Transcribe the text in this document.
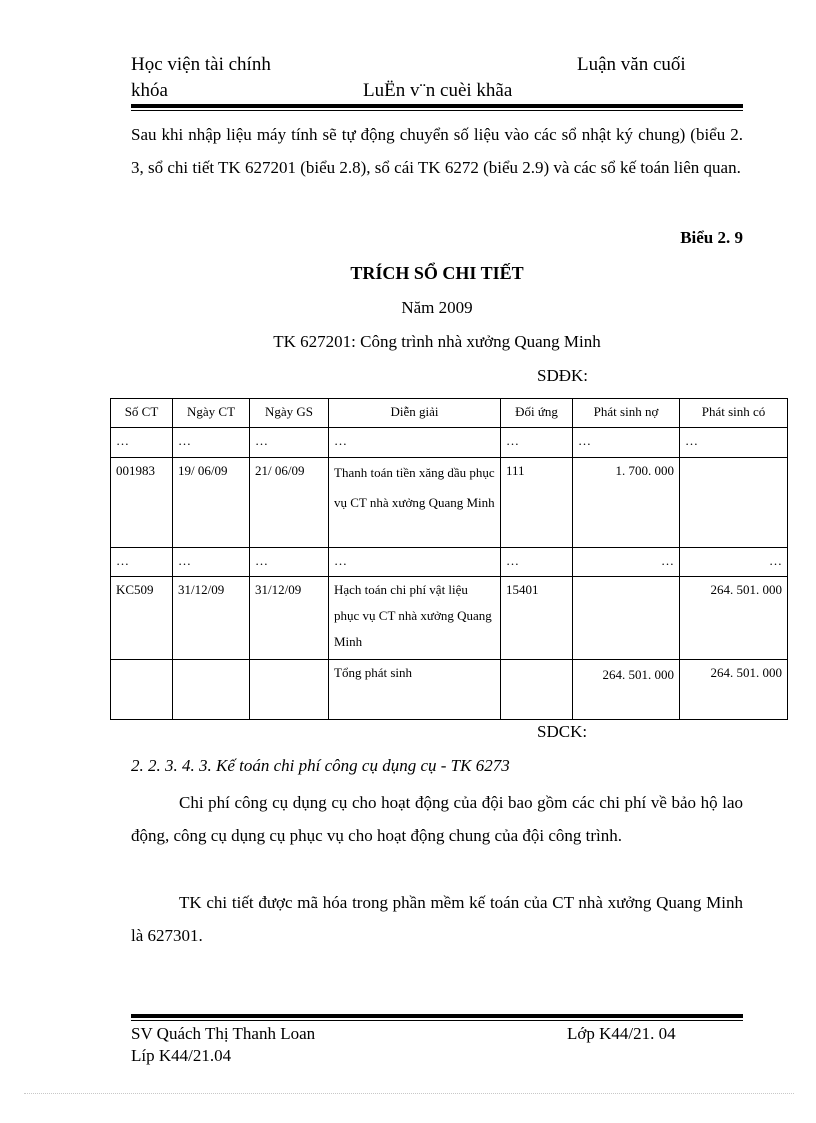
Học viện tài chính	Luận văn cuối
khóa	LuËn v¨n cuèi khãa
Sau khi nhập liệu máy tính sẽ tự động chuyển số liệu vào các sổ nhật ký chung) (biểu 2. 3, sổ chi tiết TK 627201 (biểu 2.8), sổ cái TK 6272 (biểu 2.9) và các sổ kế toán liên quan.
Biểu 2. 9
TRÍCH SỔ CHI TIẾT
Năm 2009
TK 627201: Công trình nhà xưởng Quang Minh
SDĐK:
Số CT	Ngày CT	Ngày GS	Diễn giải	Đối ứng	Phát sinh nợ	Phát sinh có
…	…	…	…	…	…	…
001983	19/ 06/09	21/ 06/09	Thanh toán tiền xăng dầu phục vụ CT nhà xưởng Quang Minh	111	1. 700. 000	
…	…	…	…	…	…	…
KC509	31/12/09	31/12/09	Hạch toán chi phí vật liệu phục vụ CT nhà xưởng Quang Minh	15401		264. 501. 000
			Tổng phát sinh		264. 501. 000	264. 501. 000
SDCK:
2. 2. 3. 4. 3. Kế toán chi phí công cụ dụng cụ - TK 6273
Chi phí công cụ dụng cụ cho hoạt động của đội bao gồm các chi phí về bảo hộ lao động, công cụ dụng cụ phục vụ cho hoạt động chung của đội công trình.
TK chi tiết được mã hóa trong phần mềm kế toán của CT nhà xưởng Quang Minh là 627301.
SV Quách Thị Thanh Loan	Lớp K44/21. 04
Líp K44/21.04
